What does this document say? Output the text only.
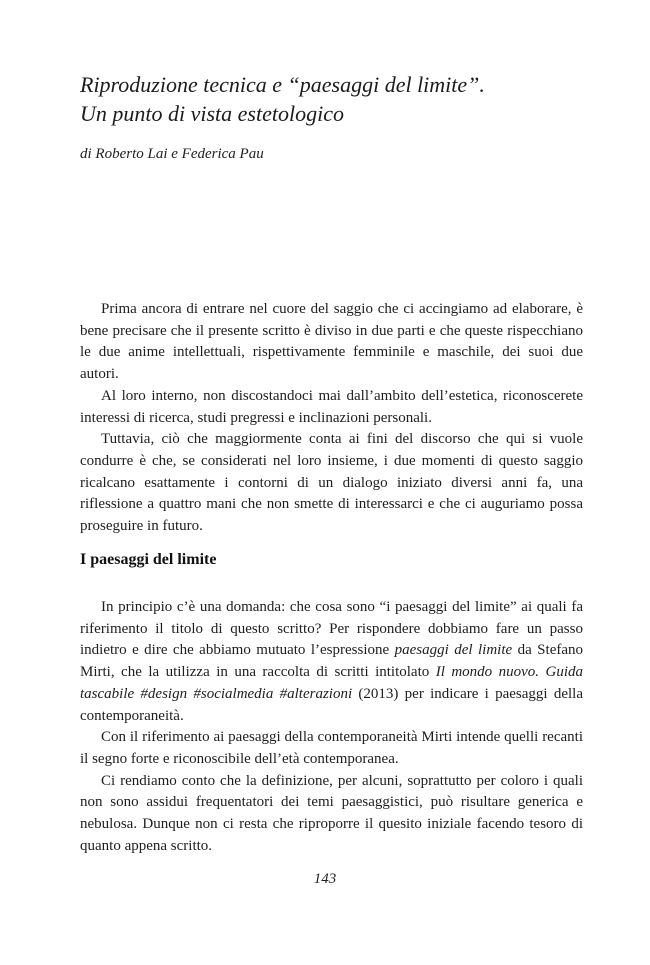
Riproduzione tecnica e “paesaggi del limite”.
Un punto di vista estetologico

di Roberto Lai e Federica Pau

Prima ancora di entrare nel cuore del saggio che ci accingiamo ad elaborare, è bene precisare che il presente scritto è diviso in due parti e che queste rispecchiano le due anime intellettuali, rispettivamente femminile e maschile, dei suoi due autori.

Al loro interno, non discostandoci mai dall’ambito dell’estetica, riconoscerete interessi di ricerca, studi pregressi e inclinazioni personali.

Tuttavia, ciò che maggiormente conta ai fini del discorso che qui si vuole condurre è che, se considerati nel loro insieme, i due momenti di questo saggio ricalcano esattamente i contorni di un dialogo iniziato diversi anni fa, una riflessione a quattro mani che non smette di interessarci e che ci auguriamo possa proseguire in futuro.

I paesaggi del limite

In principio c’è una domanda: che cosa sono “i paesaggi del limite” ai quali fa riferimento il titolo di questo scritto? Per rispondere dobbiamo fare un passo indietro e dire che abbiamo mutuato l’espressione paesaggi del limite da Stefano Mirti, che la utilizza in una raccolta di scritti intitolato Il mondo nuovo. Guida tascabile #design #socialmedia #alterazioni (2013) per indicare i paesaggi della contemporaneità.

Con il riferimento ai paesaggi della contemporaneità Mirti intende quelli recanti il segno forte e riconoscibile dell’età contemporanea.

Ci rendiamo conto che la definizione, per alcuni, soprattutto per coloro i quali non sono assidui frequentatori dei temi paesaggistici, può risultare generica e nebulosa. Dunque non ci resta che riproporre il quesito iniziale facendo tesoro di quanto appena scritto.

143
